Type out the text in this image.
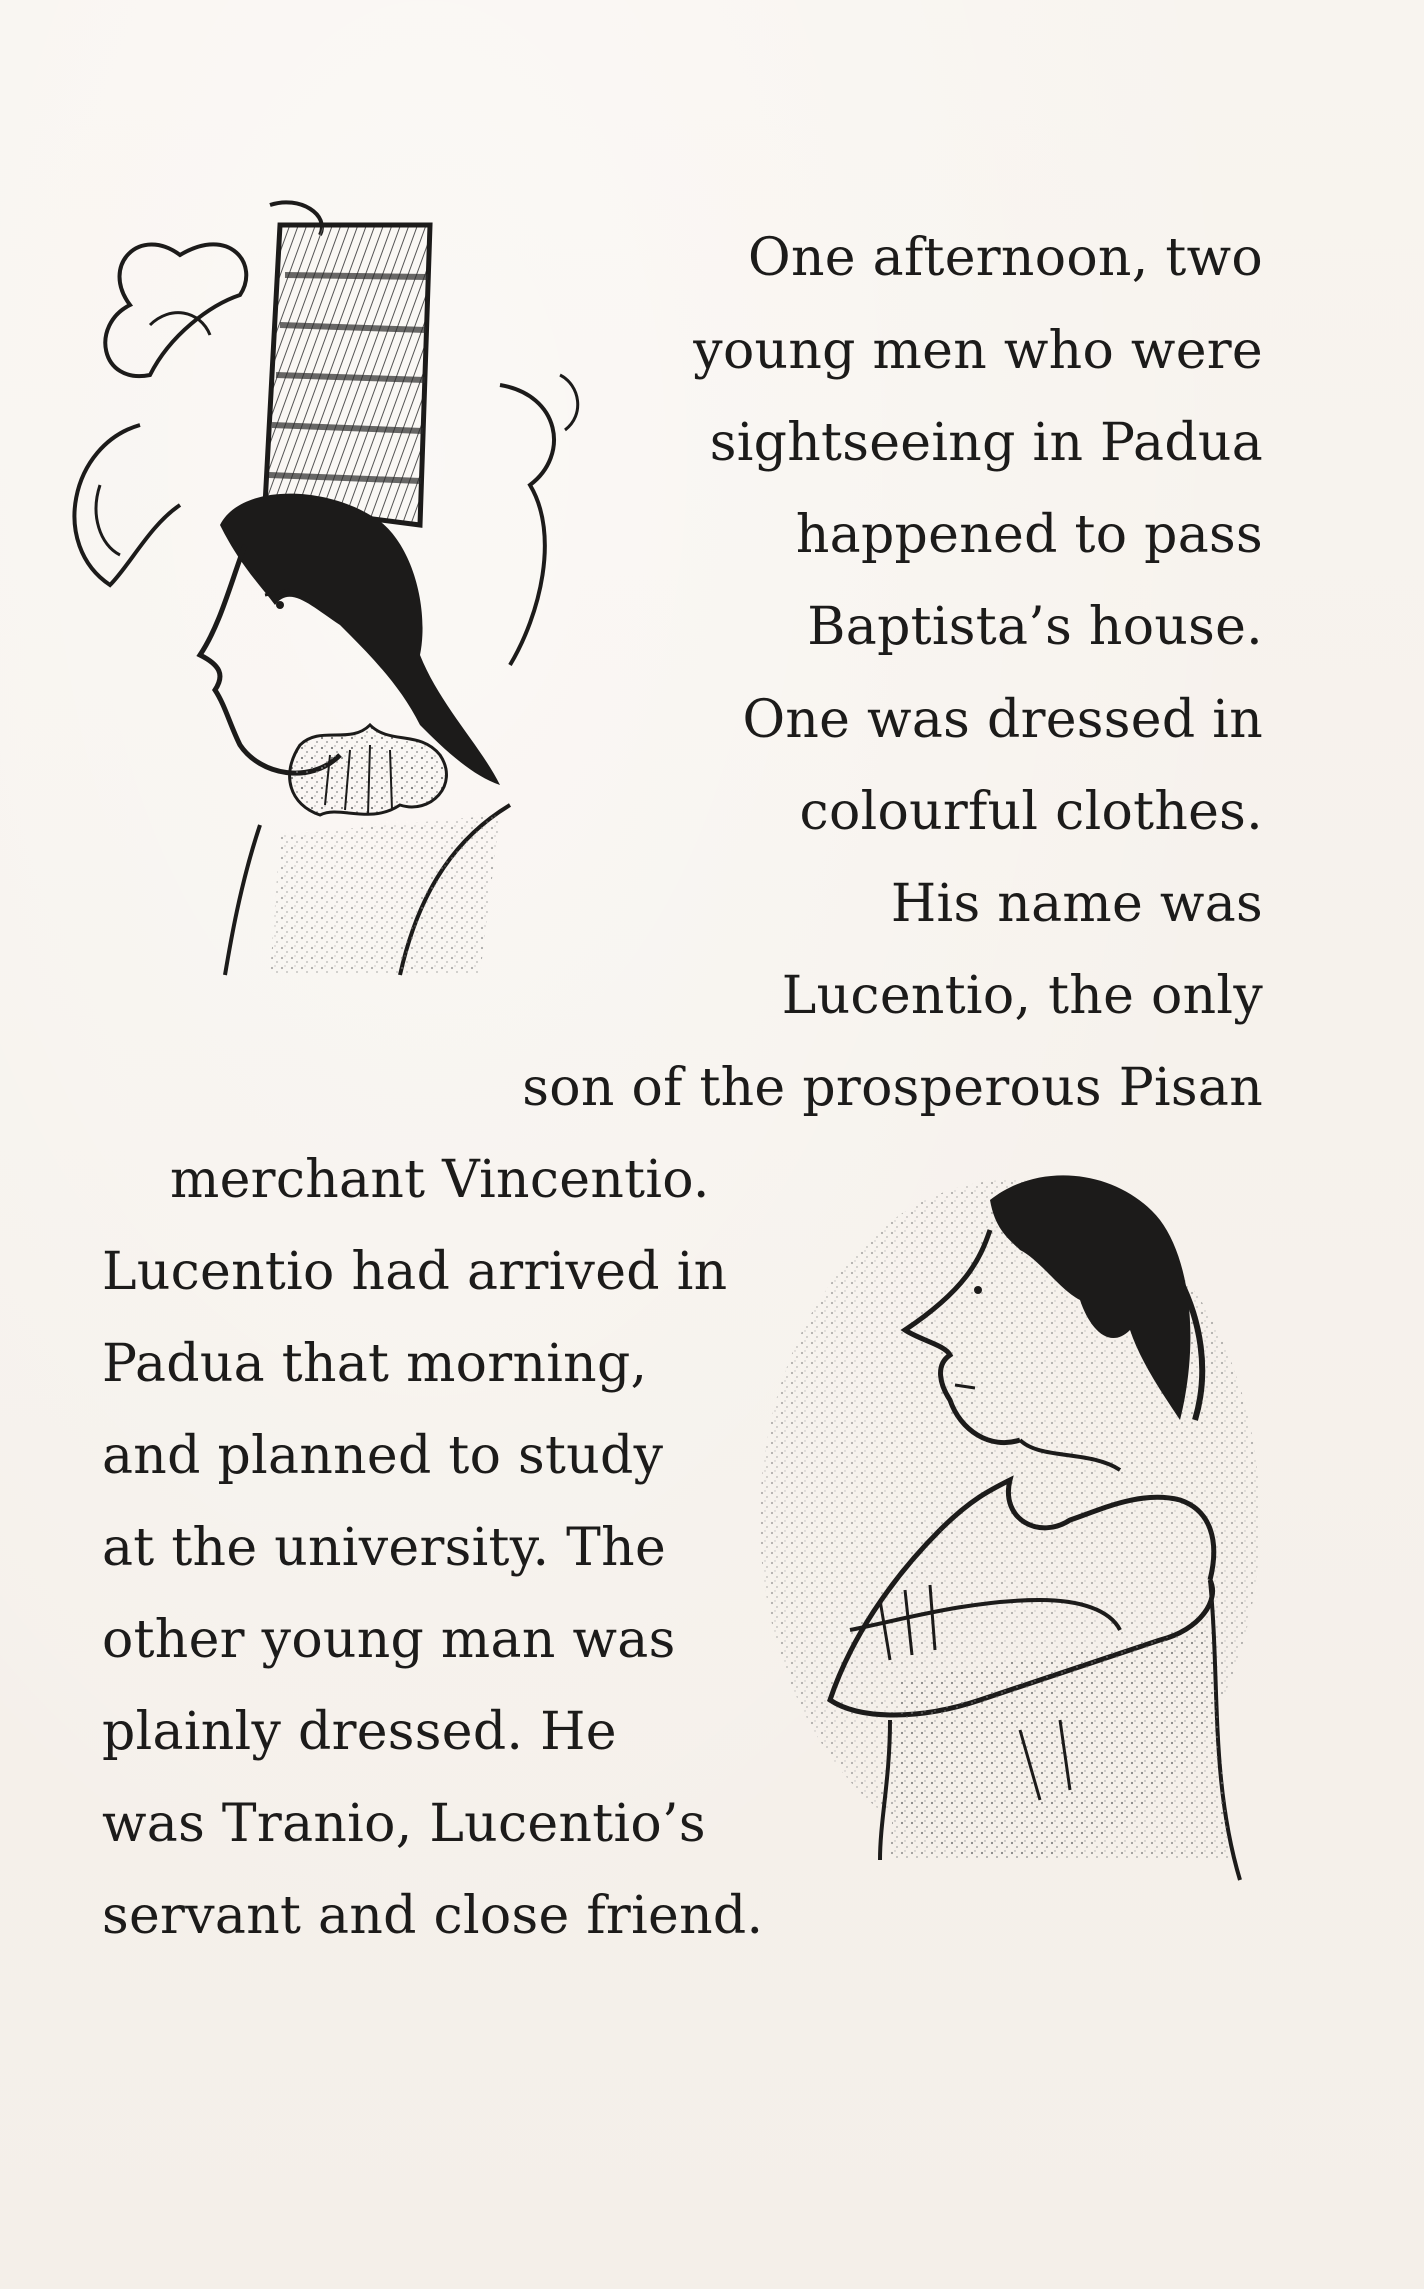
One afternoon, two
young men who were
sightseeing in Padua
happened to pass
Baptista’s house.
One was dressed in
colourful clothes.
His name was
Lucentio, the only
son of the prosperous Pisan
merchant Vincentio.
Lucentio had arrived in
Padua that morning,
and planned to study
at the university. The
other young man was
plainly dressed. He
was Tranio, Lucentio’s
servant and close friend.
